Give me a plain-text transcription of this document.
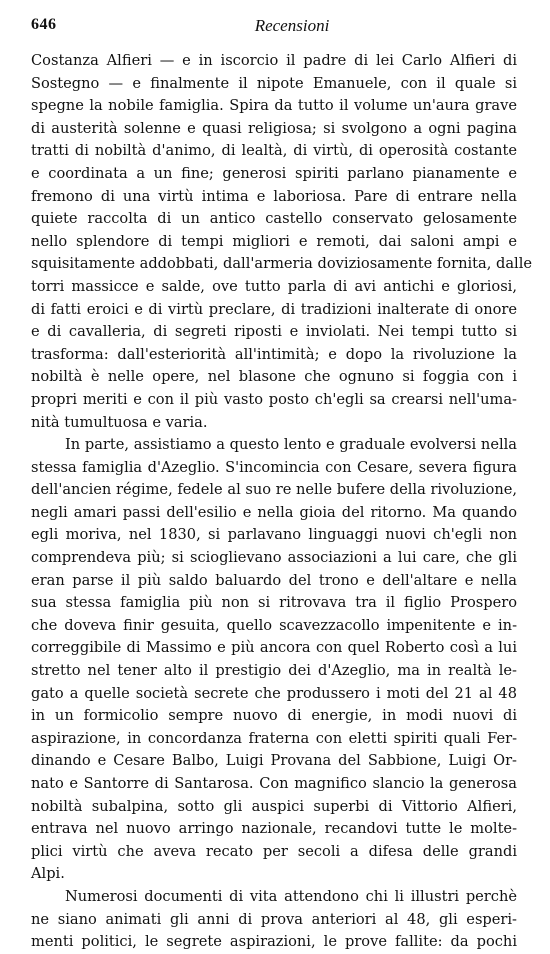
646	Recensioni
Costanza Alfieri — e in iscorcio il padre di lei Carlo Alfieri di
Sostegno — e finalmente il nipote Emanuele, con il quale si
spegne la nobile famiglia. Spira da tutto il volume un'aura grave
di austerità solenne e quasi religiosa; si svolgono a ogni pagina
tratti di nobiltà d'animo, di lealtà, di virtù, di operosità costante
e coordinata a un fine; generosi spiriti parlano pianamente e
fremono di una virtù intima e laboriosa. Pare di entrare nella
quiete raccolta di un antico castello conservato gelosamente
nello splendore di tempi migliori e remoti, dai saloni ampi e
squisitamente addobbati, dall'armeria doviziosamente fornita, dalle
torri massicce e salde, ove tutto parla di avi antichi e gloriosi,
di fatti eroici e di virtù preclare, di tradizioni inalterate di onore
e di cavalleria, di segreti riposti e inviolati. Nei tempi tutto si
trasforma: dall'esteriorità all'intimità; e dopo la rivoluzione la
nobiltà è nelle opere, nel blasone che ognuno si foggia con i
propri meriti e con il più vasto posto ch'egli sa crearsi nell'uma-
nità tumultuosa e varia.
In parte, assistiamo a questo lento e graduale evolversi nella
stessa famiglia d'Azeglio. S'incomincia con Cesare, severa figura
dell'ancien régime, fedele al suo re nelle bufere della rivoluzione,
negli amari passi dell'esilio e nella gioia del ritorno. Ma quando
egli moriva, nel 1830, si parlavano linguaggi nuovi ch'egli non
comprendeva più; si scioglievano associazioni a lui care, che gli
eran parse il più saldo baluardo del trono e dell'altare e nella
sua stessa famiglia più non si ritrovava tra il figlio Prospero
che doveva finir gesuita, quello scavezzacollo impenitente e in-
correggibile di Massimo e più ancora con quel Roberto così a lui
stretto nel tener alto il prestigio dei d'Azeglio, ma in realtà le-
gato a quelle società secrete che produssero i moti del 21 al 48
in un formicolio sempre nuovo di energie, in modi nuovi di
aspirazione, in concordanza fraterna con eletti spiriti quali Fer-
dinando e Cesare Balbo, Luigi Provana del Sabbione, Luigi Or-
nato e Santorre di Santarosa. Con magnifico slancio la generosa
nobiltà subalpina, sotto gli auspici superbi di Vittorio Alfieri,
entrava nel nuovo arringo nazionale, recandovi tutte le molte-
plici virtù che aveva recato per secoli a difesa delle grandi
Alpi.
Numerosi documenti di vita attendono chi li illustri perchè
ne siano animati gli anni di prova anteriori al 48, gli esperi-
menti politici, le segrete aspirazioni, le prove fallite: da pochi
